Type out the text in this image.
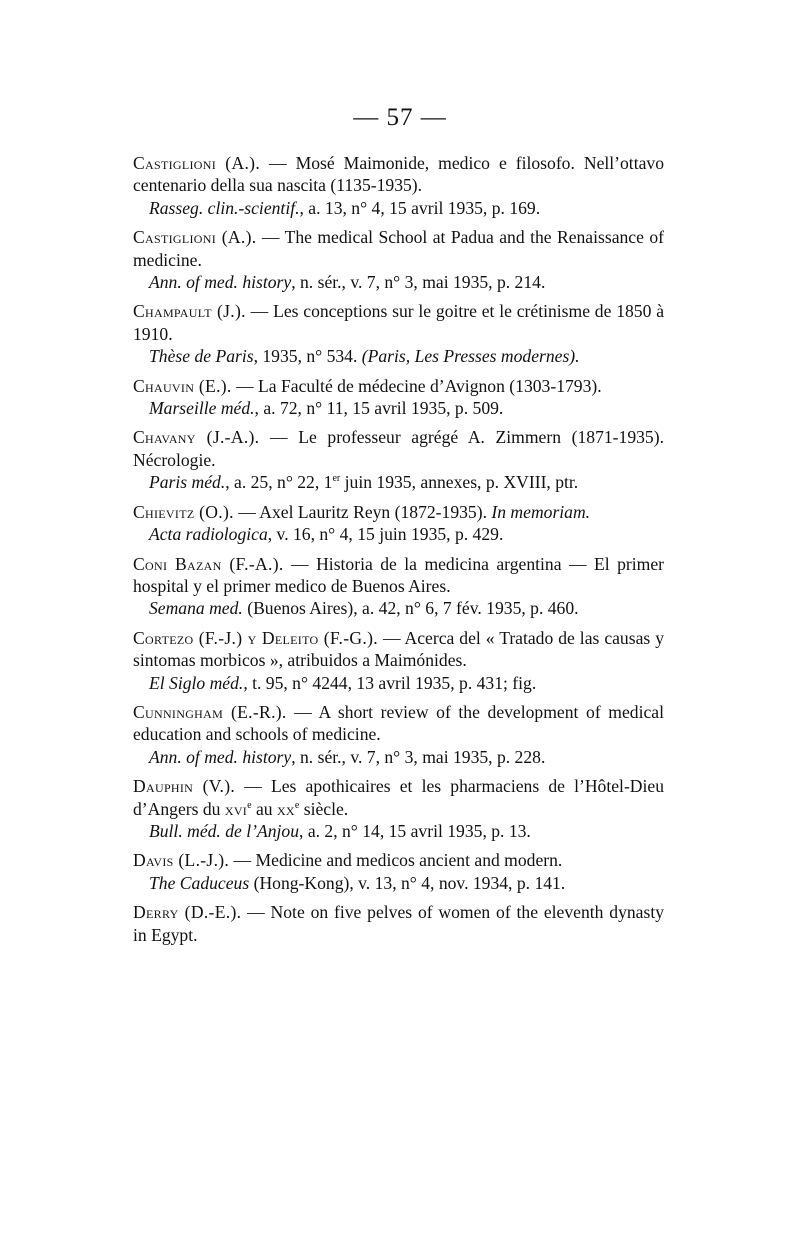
— 57 —

Castiglioni (A.). — Mosé Maimonide, medico e filosofo. Nell’ottavo centenario della sua nascita (1135-1935).

Rasseg. clin.-scientif., a. 13, n° 4, 15 avril 1935, p. 169.

Castiglioni (A.). — The medical School at Padua and the Renaissance of medicine.

Ann. of med. history, n. sér., v. 7, n° 3, mai 1935, p. 214.

Champault (J.). — Les conceptions sur le goitre et le crétinisme de 1850 à 1910.

Thèse de Paris, 1935, n° 534. (Paris, Les Presses modernes).

Chauvin (E.). — La Faculté de médecine d’Avignon (1303-1793).

Marseille méd., a. 72, n° 11, 15 avril 1935, p. 509.

Chavany (J.-A.). — Le professeur agrégé A. Zimmern (1871-1935). Nécrologie.

Paris méd., a. 25, n° 22, 1er juin 1935, annexes, p. XVIII, ptr.

Chievitz (O.). — Axel Lauritz Reyn (1872-1935). In memoriam.

Acta radiologica, v. 16, n° 4, 15 juin 1935, p. 429.

Coni Bazan (F.-A.). — Historia de la medicina argentina — El primer hospital y el primer medico de Buenos Aires.

Semana med. (Buenos Aires), a. 42, n° 6, 7 fév. 1935, p. 460.

Cortezo (F.-J.) y Deleito (F.-G.). — Acerca del « Tratado de las causas y sintomas morbicos », atribuidos a Maimónides.

El Siglo méd., t. 95, n° 4244, 13 avril 1935, p. 431; fig.

Cunningham (E.-R.). — A short review of the development of medical education and schools of medicine.

Ann. of med. history, n. sér., v. 7, n° 3, mai 1935, p. 228.

Dauphin (V.). — Les apothicaires et les pharmaciens de l’Hôtel-Dieu d’Angers du xvi$^e$ au $xx^e$ siècle.

Bull. méd. de l’Anjou, a. 2, n° 14, 15 avril 1935, p. 13.

Davis (L.-J.). — Medicine and medicos ancient and modern.

The Caduceus (Hong-Kong), v. 13, n° 4, nov. 1934, p. 141.

Derry (D.-E.). — Note on five pelves of women of the eleventh dynasty in Egypt.
